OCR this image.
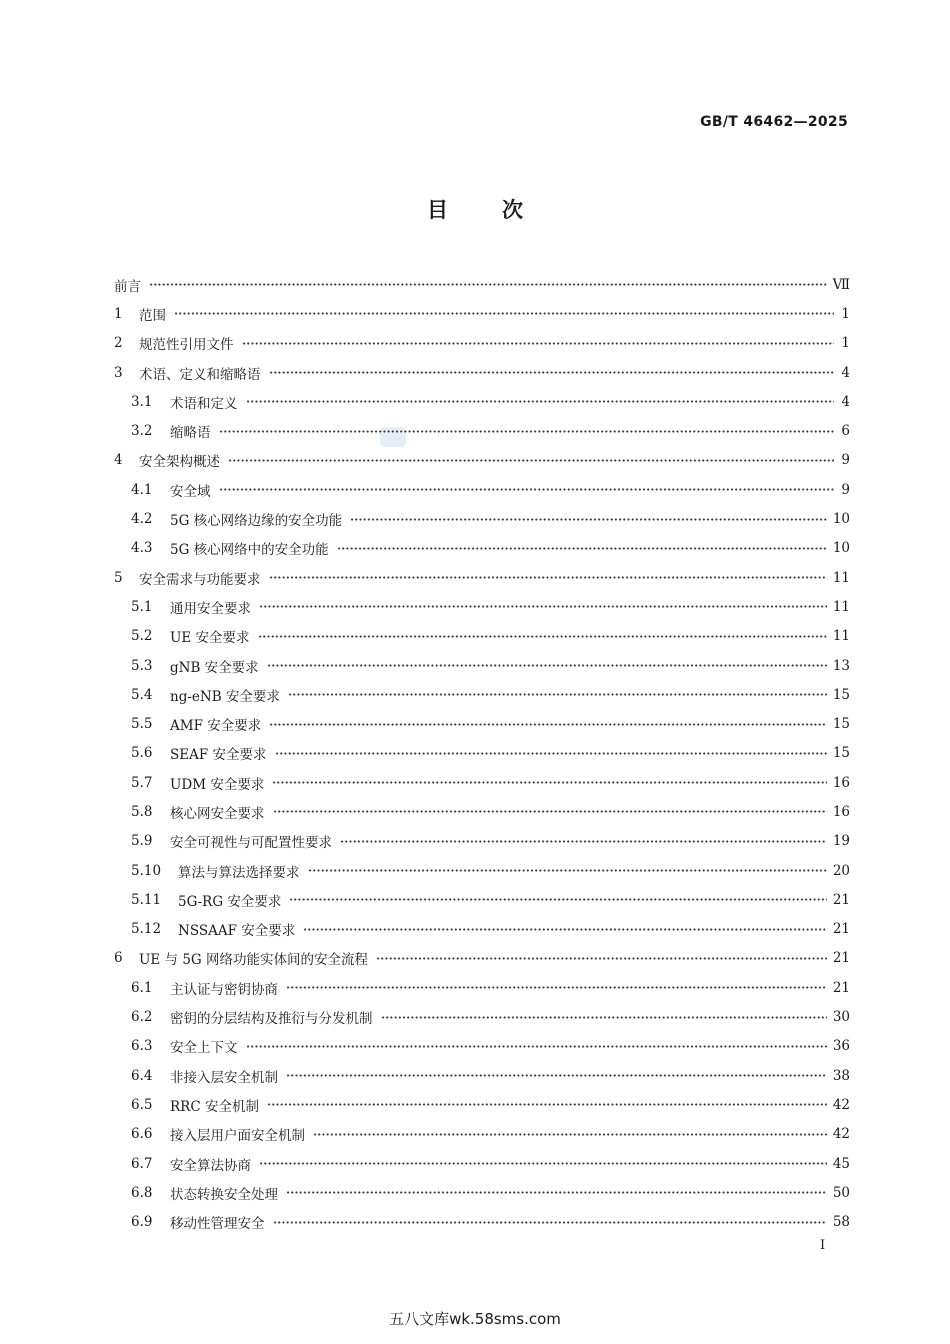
GB/T 46462—2025
目	次
前言	Ⅶ
1	范围	1
2	规范性引用文件	1
3	术语、定义和缩略语	4
3.1	术语和定义	4
3.2	缩略语	6
4	安全架构概述	9
4.1	安全域	9
4.2	5G 核心网络边缘的安全功能	10
4.3	5G 核心网络中的安全功能	10
5	安全需求与功能要求	11
5.1	通用安全要求	11
5.2	UE 安全要求	11
5.3	gNB 安全要求	13
5.4	ng-eNB 安全要求	15
5.5	AMF 安全要求	15
5.6	SEAF 安全要求	15
5.7	UDM 安全要求	16
5.8	核心网安全要求	16
5.9	安全可视性与可配置性要求	19
5.10	算法与算法选择要求	20
5.11	5G-RG 安全要求	21
5.12	NSSAAF 安全要求	21
6	UE 与 5G 网络功能实体间的安全流程	21
6.1	主认证与密钥协商	21
6.2	密钥的分层结构及推衍与分发机制	30
6.3	安全上下文	36
6.4	非接入层安全机制	38
6.5	RRC 安全机制	42
6.6	接入层用户面安全机制	42
6.7	安全算法协商	45
6.8	状态转换安全处理	50
6.9	移动性管理安全	58
I
五八文库wk.58sms.com
